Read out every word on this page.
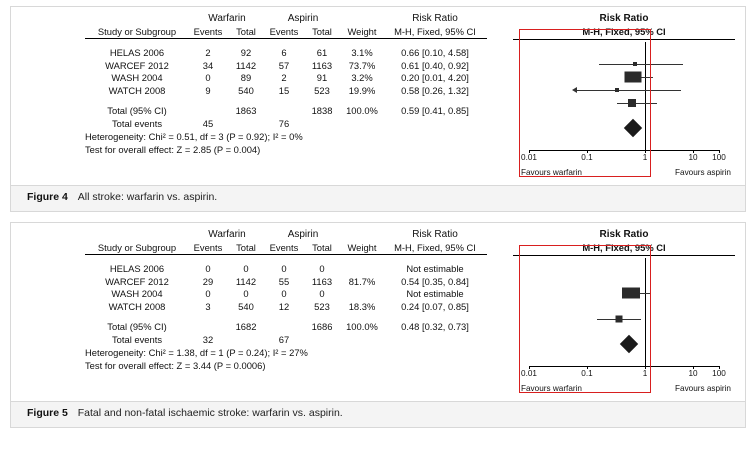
	Warfarin		Aspirin			Risk Ratio
Study or Subgroup	Events	Total	Events	Total	Weight	M-H, Fixed, 95% CI

HELAS 2006	2	92	6	61	3.1%	0.66 [0.10, 4.58]
WARCEF 2012	34	1142	57	1163	73.7%	0.61 [0.40, 0.92]
WASH 2004	0	89	2	91	3.2%	0.20 [0.01, 4.20]
WATCH 2008	9	540	15	523	19.9%	0.58 [0.26, 1.32]

Total (95% CI)		1863		1838	100.0%	0.59 [0.41, 0.85]
Total events	45		76			
Heterogeneity: Chi² = 0.51, df = 3 (P = 0.92); I² = 0%
Test for overall effect: Z = 2.85 (P = 0.004)
Risk Ratio
M-H, Fixed, 95% CI
0.01	0.1	1	10 100
Favours warfarin	Favours aspirin
Figure 4 All stroke: warfarin vs. aspirin.
	Warfarin		Aspirin			Risk Ratio
Study or Subgroup	Events	Total	Events	Total	Weight	M-H, Fixed, 95% CI

HELAS 2006	0	0	0	0		Not estimable
WARCEF 2012	29	1142	55	1163	81.7%	0.54 [0.35, 0.84]
WASH 2004	0	0	0	0		Not estimable
WATCH 2008	3	540	12	523	18.3%	0.24 [0.07, 0.85]

Total (95% CI)		1682		1686	100.0%	0.48 [0.32, 0.73]
Total events	32		67			
Heterogeneity: Chi² = 1.38, df = 1 (P = 0.24); I² = 27%
Test for overall effect: Z = 3.44 (P = 0.0006)
Risk Ratio
M-H, Fixed, 95% CI
0.01	0.1	1	10 100
Favours warfarin	Favours aspirin
Figure 5 Fatal and non-fatal ischaemic stroke: warfarin vs. aspirin.
